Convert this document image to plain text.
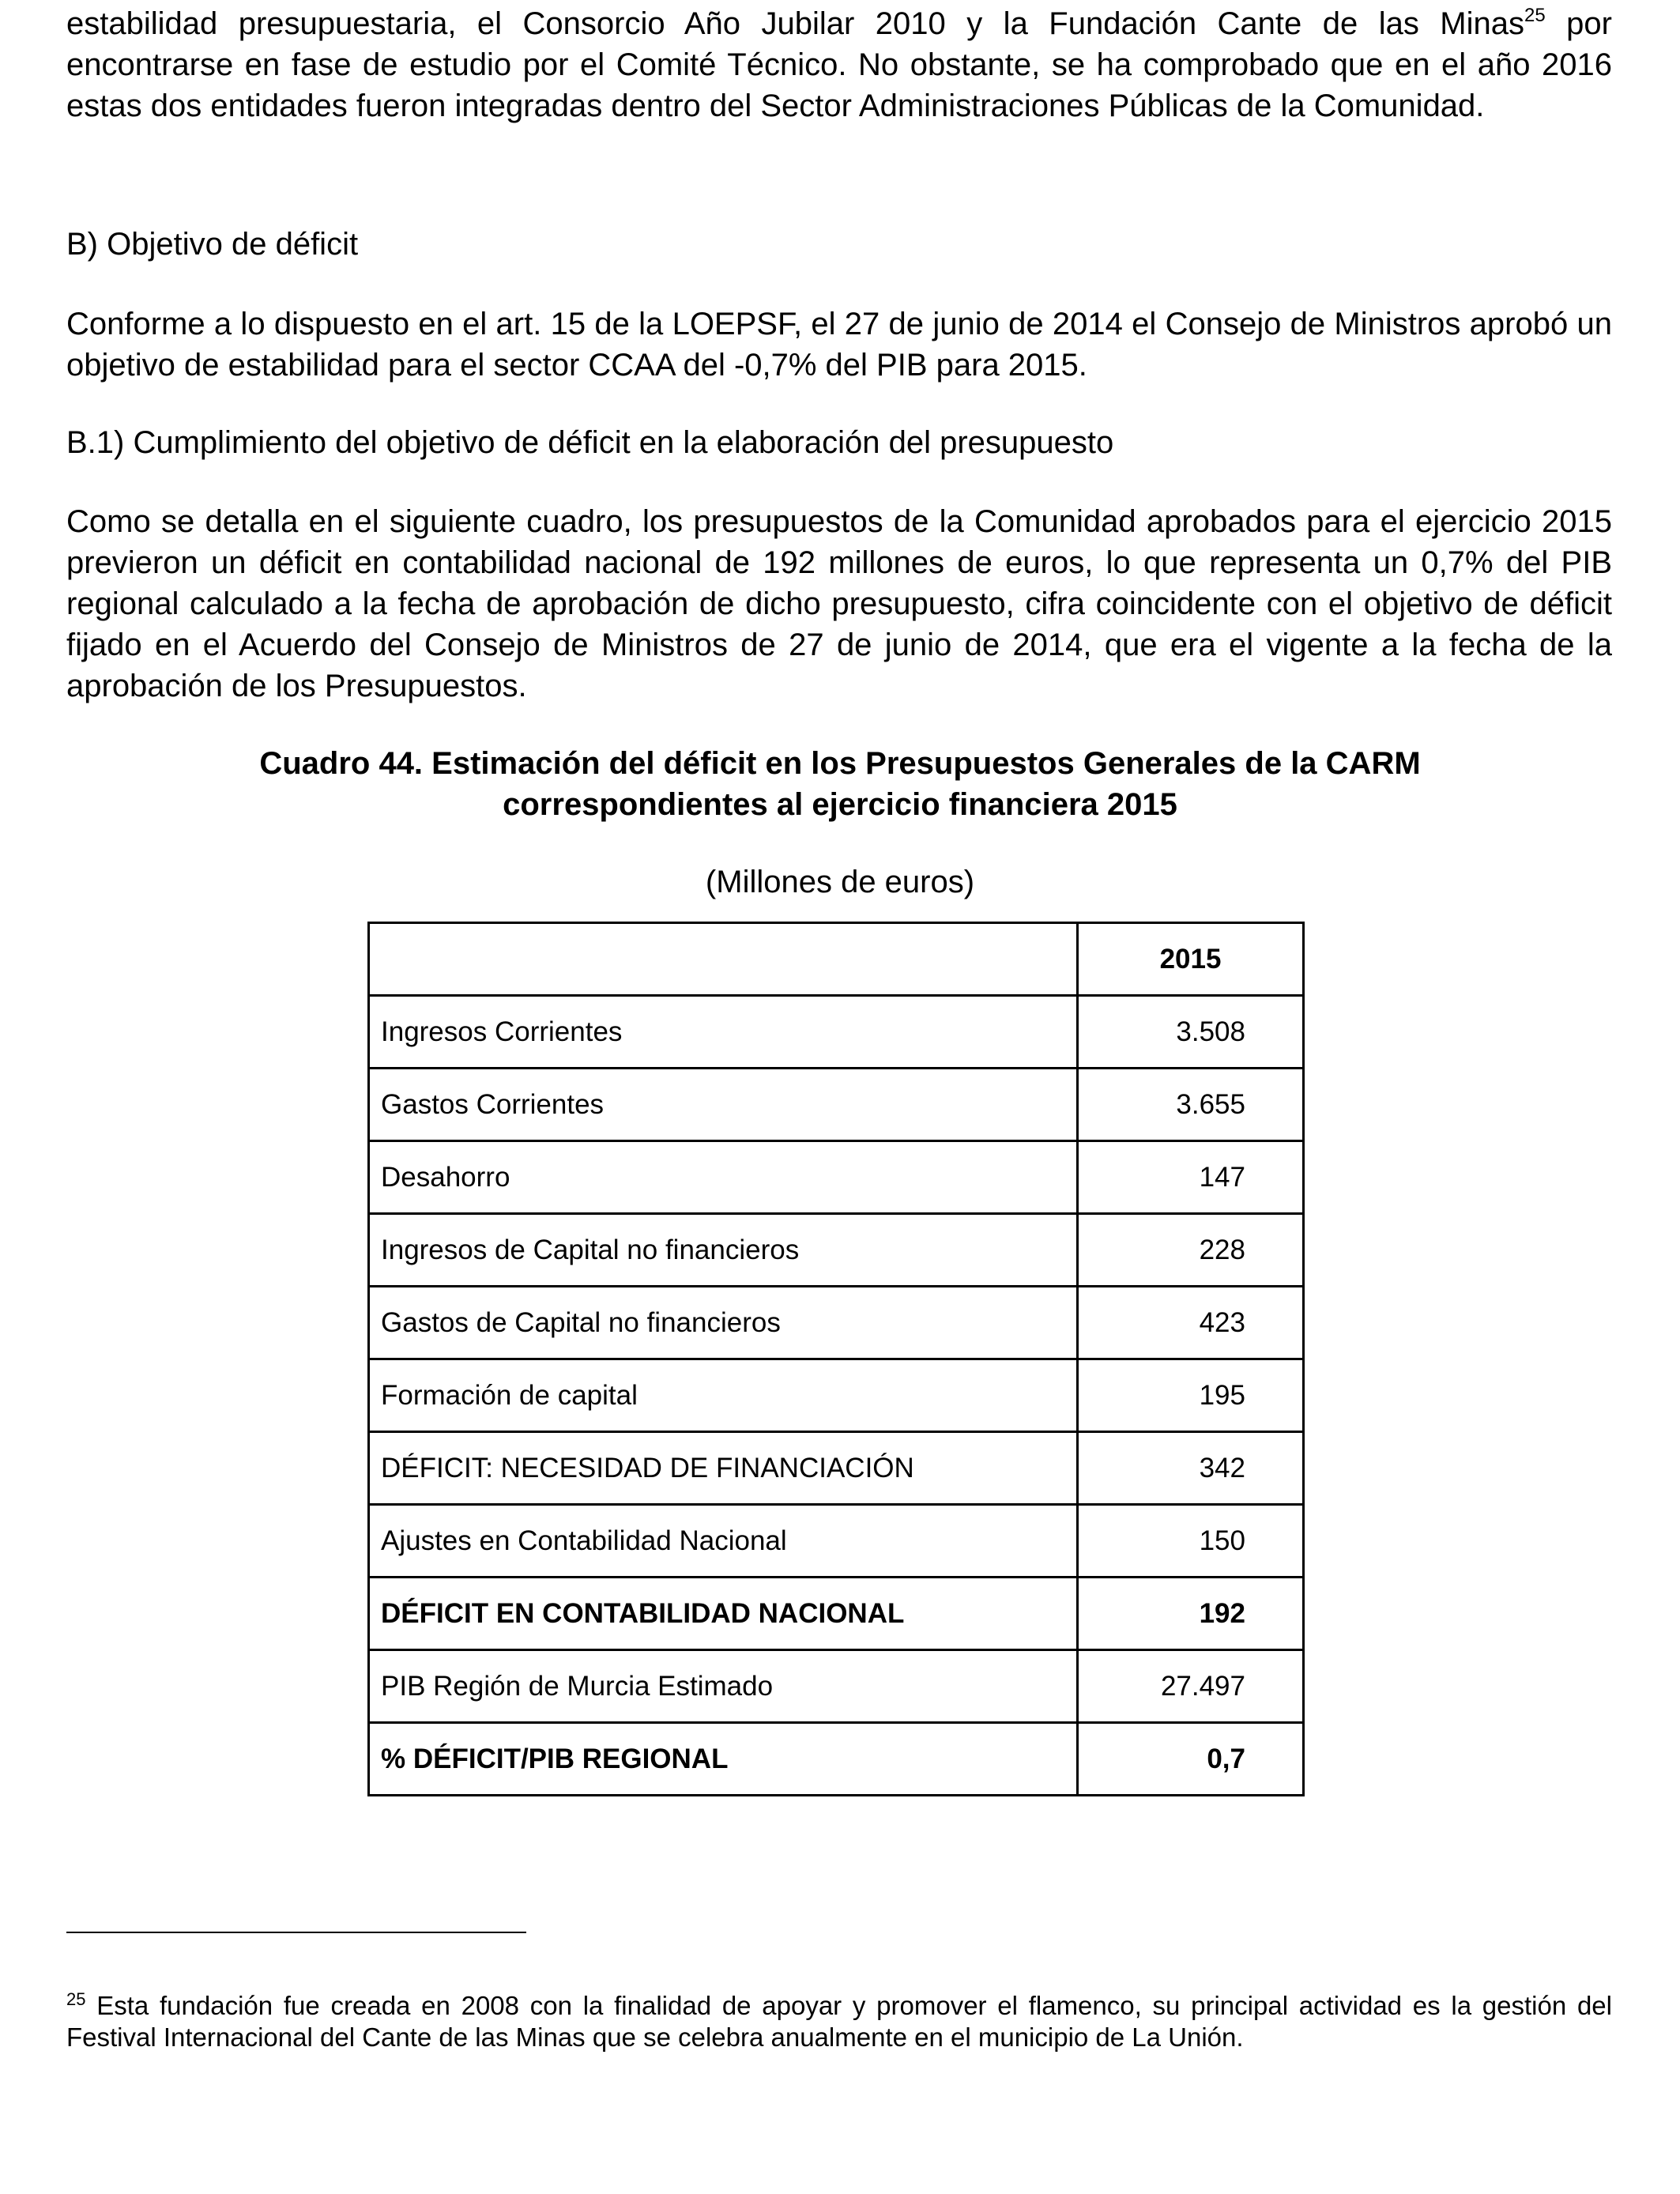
estabilidad presupuestaria, el Consorcio Año Jubilar 2010 y la Fundación Cante de las Minas$^{25}$ por encontrarse en fase de estudio por el Comité Técnico. No obstante, se ha comprobado que en el año 2016 estas dos entidades fueron integradas dentro del Sector Administraciones Públicas de la Comunidad.

B) Objetivo de déficit

Conforme a lo dispuesto en el art. 15 de la LOEPSF, el 27 de junio de 2014 el Consejo de Ministros aprobó un objetivo de estabilidad para el sector CCAA del -0,7% del PIB para 2015.

B.1) Cumplimiento del objetivo de déficit en la elaboración del presupuesto

Como se detalla en el siguiente cuadro, los presupuestos de la Comunidad aprobados para el ejercicio 2015 previeron un déficit en contabilidad nacional de 192 millones de euros, lo que representa un 0,7% del PIB regional calculado a la fecha de aprobación de dicho presupuesto, cifra coincidente con el objetivo de déficit fijado en el Acuerdo del Consejo de Ministros de 27 de junio de 2014, que era el vigente a la fecha de la aprobación de los Presupuestos.

Cuadro 44. Estimación del déficit en los Presupuestos Generales de la CARM

correspondientes al ejercicio financiera 2015

(Millones de euros)

	2015
Ingresos Corrientes	3.508
Gastos Corrientes	3.655
Desahorro	147
Ingresos de Capital no financieros	228
Gastos de Capital no financieros	423
Formación de capital	195
DÉFICIT: NECESIDAD DE FINANCIACIÓN	342
Ajustes en Contabilidad Nacional	150
DÉFICIT EN CONTABILIDAD NACIONAL	192
PIB Región de Murcia Estimado	27.497
% DÉFICIT/PIB REGIONAL	0,7

$^{25}$ Esta fundación fue creada en 2008 con la finalidad de apoyar y promover el flamenco, su principal actividad es la gestión del Festival Internacional del Cante de las Minas que se celebra anualmente en el municipio de La Unión.
